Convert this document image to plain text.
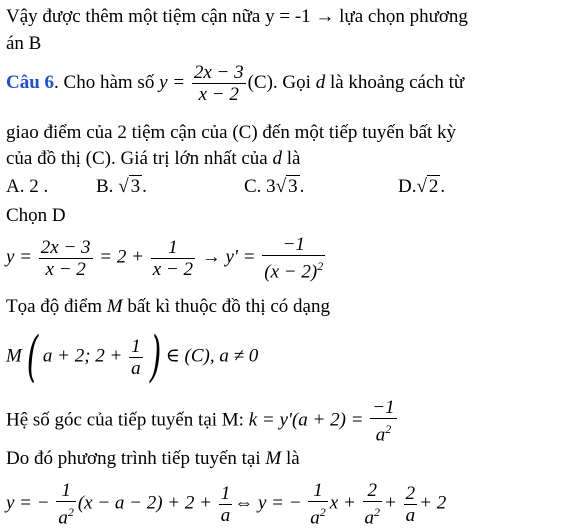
Vậy được thêm một tiệm cận nữa y = -1 → lựa chọn phương
án B
Câu 6. Cho hàm số $y = \frac{2x - 3}{x - 2} (C)$. Gọi d là khoảng cách từ
giao điểm của 2 tiệm cận của (C) đến một tiếp tuyến bất kỳ
của đồ thị (C). Giá trị lớn nhất của d là
A. 2 .	B. √ 3 .	C. 3√ 3 .	D.√ 2 .
Chọn D
$y = \frac{2x - 3}{x - 2} = 2 + \frac{1}{x - 2} \to y' = \frac{-1}{(x - 2)^2}$
Tọa độ điểm M bất kì thuộc đồ thị có dạng
M( a + 2; $2 + \frac{1}{a}$ ) ∈ (C), a ≠ 0
Hệ số góc của tiếp tuyến tại M: $k = y'(a + 2) = \frac{-1}{a^2}$
Do đó phương trình tiếp tuyến tại M là
y = − $\frac{1}{a^2} (x - a - 2) + 2 + \frac{1}{a}$ ⇔ y = − $\frac{1}{a^2}$ $x + \frac{2}{a^2} + \frac{2}{a} + 2$
